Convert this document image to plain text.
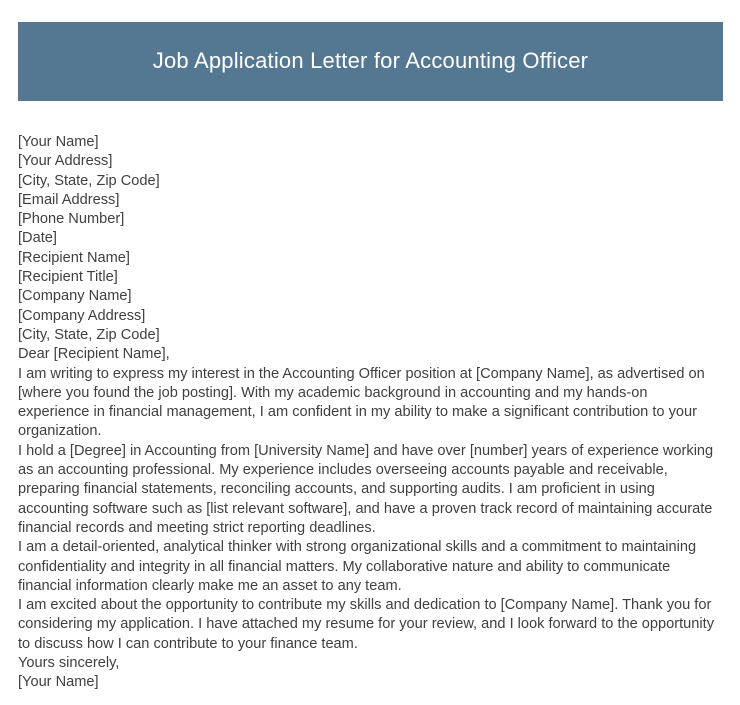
Job Application Letter for Accounting Officer

[Your Name]

[Your Address]

[City, State, Zip Code]

[Email Address]

[Phone Number]

[Date]

[Recipient Name]

[Recipient Title]

[Company Name]

[Company Address]

[City, State, Zip Code]

Dear [Recipient Name],

I am writing to express my interest in the Accounting Officer position at [Company Name], as advertised on [where you found the job posting]. With my academic background in accounting and my hands-on experience in financial management, I am confident in my ability to make a significant contribution to your organization.

I hold a [Degree] in Accounting from [University Name] and have over [number] years of experience working as an accounting professional. My experience includes overseeing accounts payable and receivable, preparing financial statements, reconciling accounts, and supporting audits. I am proficient in using accounting software such as [list relevant software], and have a proven track record of maintaining accurate financial records and meeting strict reporting deadlines.

I am a detail-oriented, analytical thinker with strong organizational skills and a commitment to maintaining confidentiality and integrity in all financial matters. My collaborative nature and ability to communicate financial information clearly make me an asset to any team.

I am excited about the opportunity to contribute my skills and dedication to [Company Name]. Thank you for considering my application. I have attached my resume for your review, and I look forward to the opportunity to discuss how I can contribute to your finance team.

Yours sincerely,

[Your Name]
